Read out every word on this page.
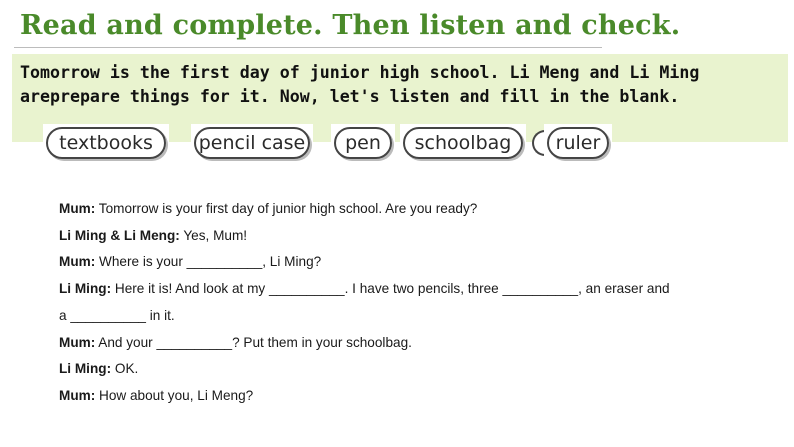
Read and complete. Then listen and check.

Tomorrow is the first day of junior high school. Li Meng and Li Ming areprepare things for it. Now, let's listen and fill in the blank.

textbooks	pencil case	pen	schoolbag	ruler

Mum: Tomorrow is your first day of junior high school. Are you ready?

Li Ming & Li Meng: Yes, Mum!

Mum: Where is your __________, Li Ming?

Li Ming: Here it is! And look at my __________. I have two pencils, three __________, an eraser and

a __________ in it.

Mum: And your __________? Put them in your schoolbag.

Li Ming: OK.

Mum: How about you, Li Meng?
